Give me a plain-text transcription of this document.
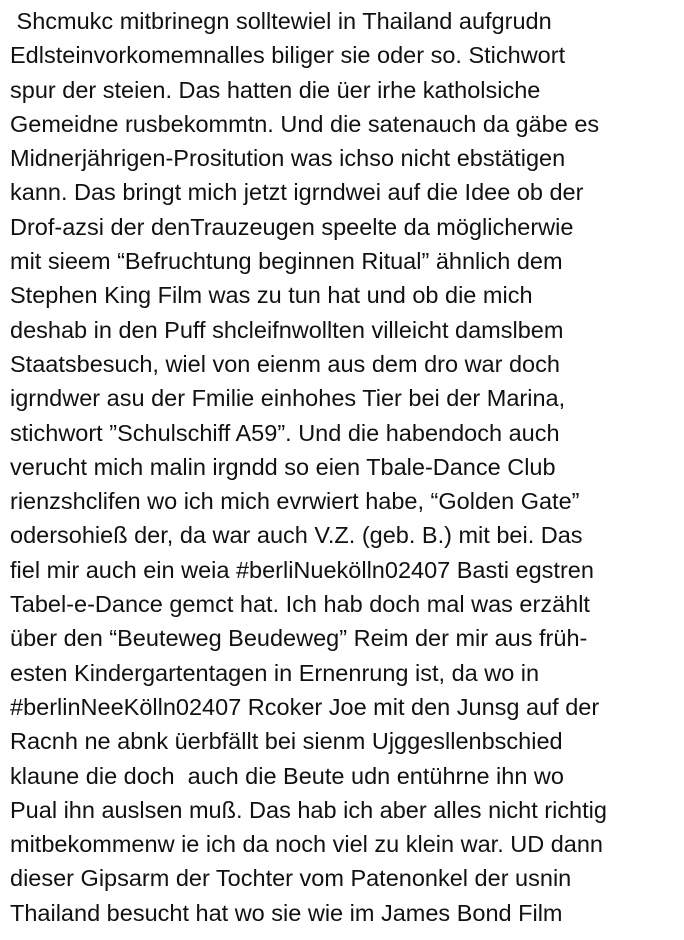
Shcmukc mitbrinegn solltewiel in Thailand aufgrudn
Edlsteinvorkomemnalles biliger sie oder so. Stichwort
spur der steien. Das hatten die üer irhe katholsiche
Gemeidne rusbekommtn. Und die satenauch da gäbe es
Midnerjährigen-Prositution was ichso nicht ebstätigen
kann. Das bringt mich jetzt igrndwei auf die Idee ob der
Drof-azsi der denTrauzeugen speelte da möglicherwie
mit sieem “Befruchtung beginnen Ritual” ähnlich dem
Stephen King Film was zu tun hat und ob die mich
deshab in den Puff shcleifnwollten villeicht damslbem
Staatsbesuch, wiel von eienm aus dem dro war doch
igrndwer asu der Fmilie einhohes Tier bei der Marina,
stichwort ”Schulschiff A59”. Und die habendoch auch
verucht mich malin irgndd so eien Tbale-Dance Club
rienzshclifen wo ich mich evrwiert habe, “Golden Gate”
odersohieß der, da war auch V.Z. (geb. B.) mit bei. Das
fiel mir auch ein weia #berliNuekölln02407 Basti egstren
Tabel-e-Dance gemct hat. Ich hab doch mal was erzählt
über den “Beuteweg Beudeweg” Reim der mir aus früh-
esten Kindergartentagen in Ernenrung ist, da wo in
#berlinNeeKölln02407 Rcoker Joe mit den Junsg auf der
Racnh ne abnk üerbfällt bei sienm Ujggesllenbschied
klaune die doch  auch die Beute udn entührne ihn wo
Pual ihn auslsen muß. Das hab ich aber alles nicht richtig
mitbekommenw ie ich da noch viel zu klein war. UD dann
dieser Gipsarm der Tochter vom Patenonkel der usnin
Thailand besucht hat wo sie wie im James Bond Film
